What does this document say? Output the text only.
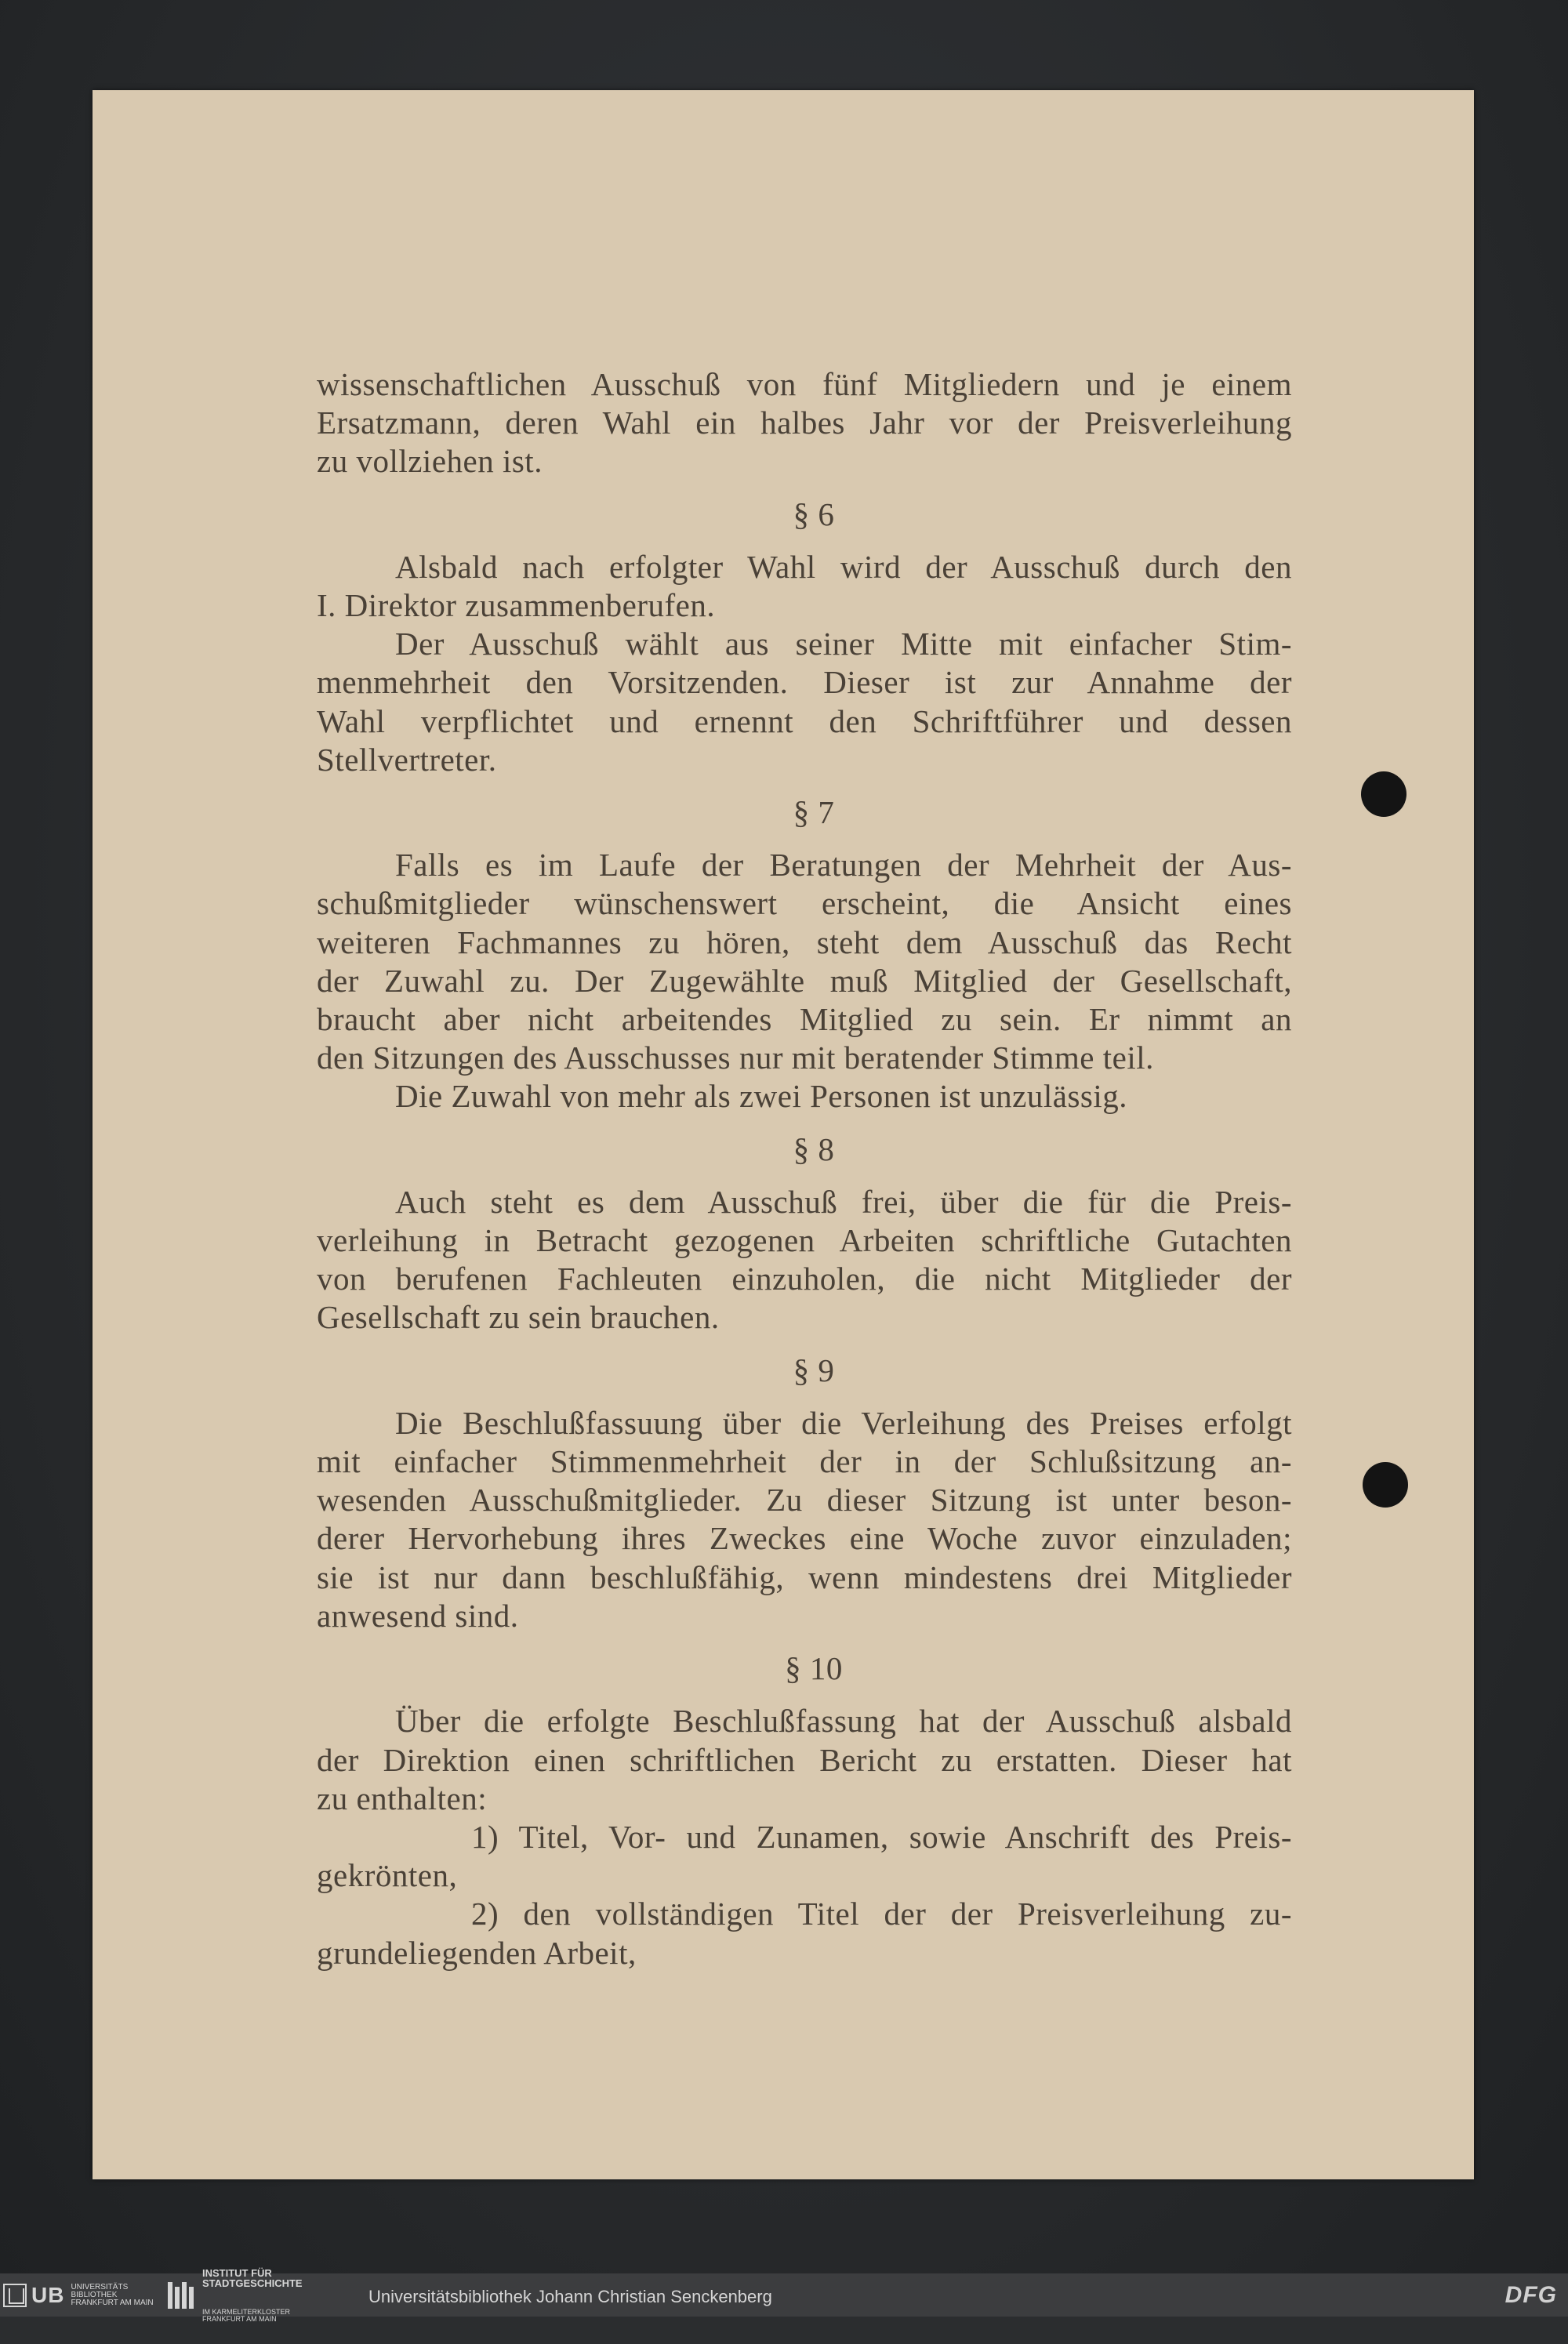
wissenschaftlichen Ausschuß von fünf Mitgliedern und je einem
Ersatzmann, deren Wahl ein halbes Jahr vor der Preisverleihung
zu vollziehen ist.

§ 6

Alsbald nach erfolgter Wahl wird der Ausschuß durch den
I. Direktor zusammenberufen.

Der Ausschuß wählt aus seiner Mitte mit einfacher Stim-
menmehrheit den Vorsitzenden. Dieser ist zur Annahme der
Wahl verpflichtet und ernennt den Schriftführer und dessen
Stellvertreter.

§ 7

Falls es im Laufe der Beratungen der Mehrheit der Aus-
schußmitglieder wünschenswert erscheint, die Ansicht eines
weiteren Fachmannes zu hören, steht dem Ausschuß das Recht
der Zuwahl zu. Der Zugewählte muß Mitglied der Gesellschaft,
braucht aber nicht arbeitendes Mitglied zu sein. Er nimmt an
den Sitzungen des Ausschusses nur mit beratender Stimme teil.

Die Zuwahl von mehr als zwei Personen ist unzulässig.

§ 8

Auch steht es dem Ausschuß frei, über die für die Preis-
verleihung in Betracht gezogenen Arbeiten schriftliche Gutachten
von berufenen Fachleuten einzuholen, die nicht Mitglieder der
Gesellschaft zu sein brauchen.

§ 9

Die Beschlußfassuung über die Verleihung des Preises erfolgt
mit einfacher Stimmenmehrheit der in der Schlußsitzung an-
wesenden Ausschußmitglieder. Zu dieser Sitzung ist unter beson-
derer Hervorhebung ihres Zweckes eine Woche zuvor einzuladen;
sie ist nur dann beschlußfähig, wenn mindestens drei Mitglieder
anwesend sind.

§ 10

Über die erfolgte Beschlußfassung hat der Ausschuß alsbald
der Direktion einen schriftlichen Bericht zu erstatten. Dieser hat
zu enthalten:

1) Titel, Vor- und Zunamen, sowie Anschrift des Preis-
gekrönten,

2) den vollständigen Titel der der Preisverleihung zu-
grundeliegenden Arbeit,

UB UNIVERSITÄTS
BIBLIOTHEK
FRANKFURT AM MAIN

INSTITUT FÜR
STADTGESCHICHTE

IM KARMELITERKLOSTER
FRANKFURT AM MAIN

Universitätsbibliothek Johann Christian Senckenberg	DFG
